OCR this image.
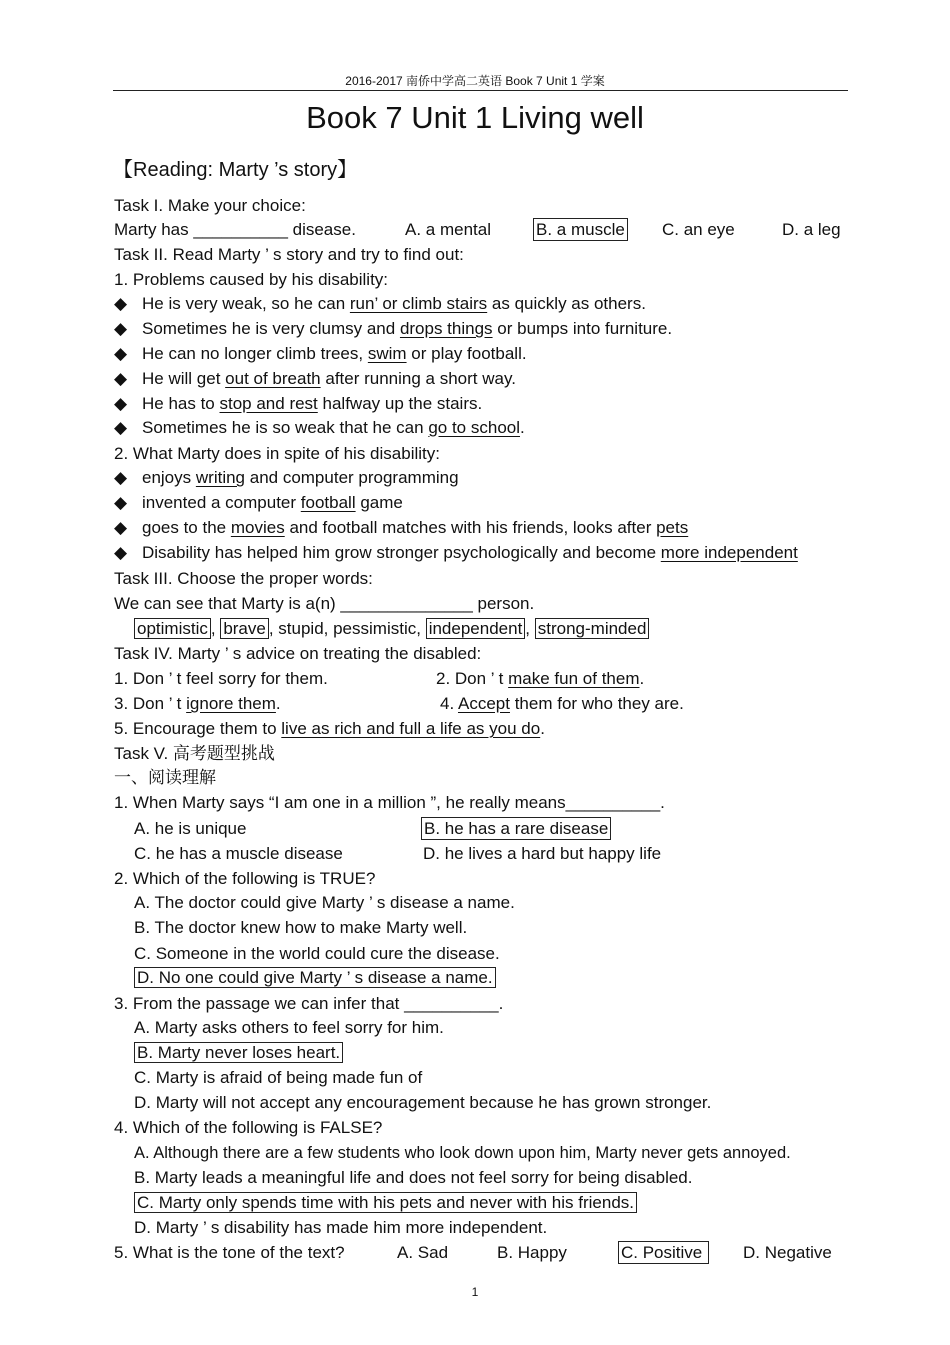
2016-2017 南侨中学高二英语 Book 7 Unit 1 学案
Book 7 Unit 1 Living well
【Reading: Marty ’s story】
Task I. Make your choice:
Marty has __________ disease.	A. a mental	B. a muscle C. an eye	D. a leg
Task II. Read Marty ’ s story and try to find out:
1. Problems caused by his disability:
◆ He is very weak, so he can run’ or climb stairs as quickly as others.
◆ Sometimes he is very clumsy and drops things or bumps into furniture.
◆ He can no longer climb trees, swim or play football.
◆ He will get out of breath after running a short way.
◆ He has to stop and rest halfway up the stairs.
◆ Sometimes he is so weak that he can go to school.
2. What Marty does in spite of his disability:
◆ enjoys writing and computer programming
◆ invented a computer football game
◆ goes to the movies and football matches with his friends, looks after pets
◆ Disability has helped him grow stronger psychologically and become more independent
Task III. Choose the proper words:
We can see that Marty is a(n) ______________ person.
optimistic , brave , stupid, pessimistic, independent , strong-minded
Task IV. Marty ’ s advice on treating the disabled:
1. Don ’ t feel sorry for them.	2. Don ’ t make fun of them.
3. Don ’ t ignore them.	4. Accept them for who they are.
5. Encourage them to live as rich and full a life as you do.
Task V. 高考题型挑战
一、阅读理解
1. When Marty says “I am one in a million ”, he really means__________.
A. he is unique	B. he has a rare disease
C. he has a muscle disease	D. he lives a hard but happy life
2. Which of the following is TRUE?
A. The doctor could give Marty ’ s disease a name.
B. The doctor knew how to make Marty well.
C. Someone in the world could cure the disease.
D. No one could give Marty ’ s disease a name.
3. From the passage we can infer that __________.
A. Marty asks others to feel sorry for him.
B. Marty never loses heart.
C. Marty is afraid of being made fun of
D. Marty will not accept any encouragement because he has grown stronger.
4. Which of the following is FALSE?
A. Although there are a few students who look down upon him, Marty never gets annoyed.
B. Marty leads a meaningful life and does not feel sorry for being disabled.
C. Marty only spends time with his pets and never with his friends.
D. Marty ’ s disability has made him more independent.
5. What is the tone of the text?	A. Sad	B. Happy	C. Positive	D. Negative
1
